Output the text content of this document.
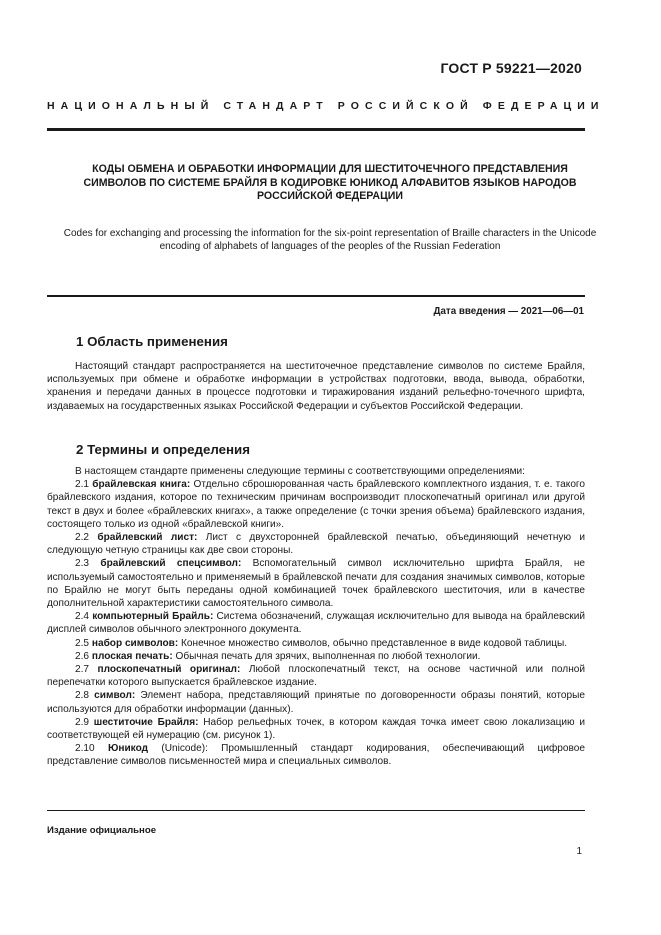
ГОСТ Р 59221—2020
НАЦИОНАЛЬНЫЙ СТАНДАРТ РОССИЙСКОЙ ФЕДЕРАЦИИ
КОДЫ ОБМЕНА И ОБРАБОТКИ ИНФОРМАЦИИ ДЛЯ ШЕСТИТОЧЕЧНОГО ПРЕДСТАВЛЕНИЯ
СИМВОЛОВ ПО СИСТЕМЕ БРАЙЛЯ В КОДИРОВКЕ ЮНИКОД АЛФАВИТОВ ЯЗЫКОВ НАРОДОВ
РОССИЙСКОЙ ФЕДЕРАЦИИ
Codes for exchanging and processing the information for the six-point representation of Braille characters in the Unicode
encoding of alphabets of languages of the peoples of the Russian Federation
Дата введения — 2021—06—01
1 Область применения

Настоящий стандарт распространяется на шеститочечное представление символов по системе Брайля, используемых при обмене и обработке информации в устройствах подготовки, ввода, вывода, обработки, хранения и передачи данных в процессе подготовки и тиражирования изданий рельефно-точечного шрифта, издаваемых на государственных языках Российской Федерации и субъектов Российской Федерации.

2 Термины и определения

В настоящем стандарте применены следующие термины с соответствующими определениями:

2.1 брайлевская книга: Отдельно сброшюрованная часть брайлевского комплектного издания, т. е. такого брайлевского издания, которое по техническим причинам воспроизводит плоскопечатный оригинал или другой текст в двух и более «брайлевских книгах», а также определение (с точки зрения объема) брайлевского издания, состоящего только из одной «брайлевской книги».

2.2 брайлевский лист: Лист с двухсторонней брайлевской печатью, объединяющий нечетную и следующую четную страницы как две свои стороны.

2.3 брайлевский спецсимвол: Вспомогательный символ исключительно шрифта Брайля, не используемый самостоятельно и применяемый в брайлевской печати для создания значимых символов, которые по Брайлю не могут быть переданы одной комбинацией точек брайлевского шеститочия, или в качестве дополнительной характеристики самостоятельного символа.

2.4 компьютерный Брайль: Система обозначений, служащая исключительно для вывода на брайлевский дисплей символов обычного электронного документа.

2.5 набор символов: Конечное множество символов, обычно представленное в виде кодовой таблицы.

2.6 плоская печать: Обычная печать для зрячих, выполненная по любой технологии.

2.7 плоскопечатный оригинал: Любой плоскопечатный текст, на основе частичной или полной перепечатки которого выпускается брайлевское издание.

2.8 символ: Элемент набора, представляющий принятые по договоренности образы понятий, которые используются для обработки информации (данных).

2.9 шеститочие Брайля: Набор рельефных точек, в котором каждая точка имеет свою локализацию и соответствующей ей нумерацию (см. рисунок 1).

2.10 Юникод (Unicode): Промышленный стандарт кодирования, обеспечивающий цифровое представление символов письменностей мира и специальных символов.

Издание официальное
1
